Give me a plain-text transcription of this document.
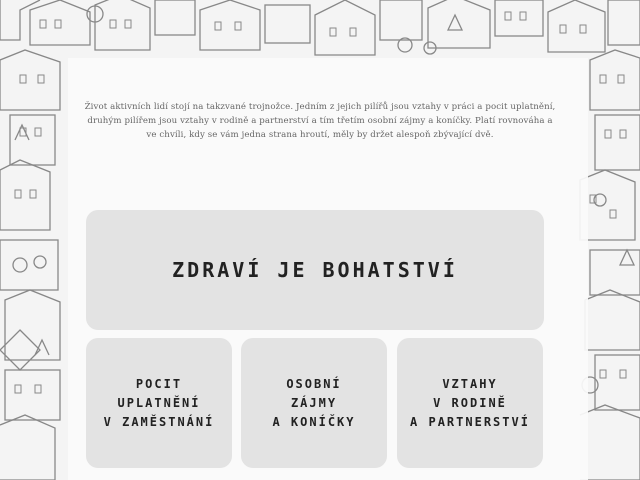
Život aktivních lidí stojí na takzvané trojnožce. Jedním z jejich pilířů jsou vztahy v práci a pocit uplatnění, druhým pilířem jsou vztahy v rodině a partnerství a tím třetím osobní zájmy a koníčky. Platí rovnováha a ve chvíli, kdy se vám jedna strana hroutí, měly by držet alespoň zbývající dvě.
ZDRAVÍ JE BOHATSTVÍ
POCIT
UPLATNĚNÍ
V ZAMĚSTNÁNÍ
OSOBNÍ
ZÁJMY
A KONÍČKY
VZTAHY
V RODINĚ
A PARTNERSTVÍ
